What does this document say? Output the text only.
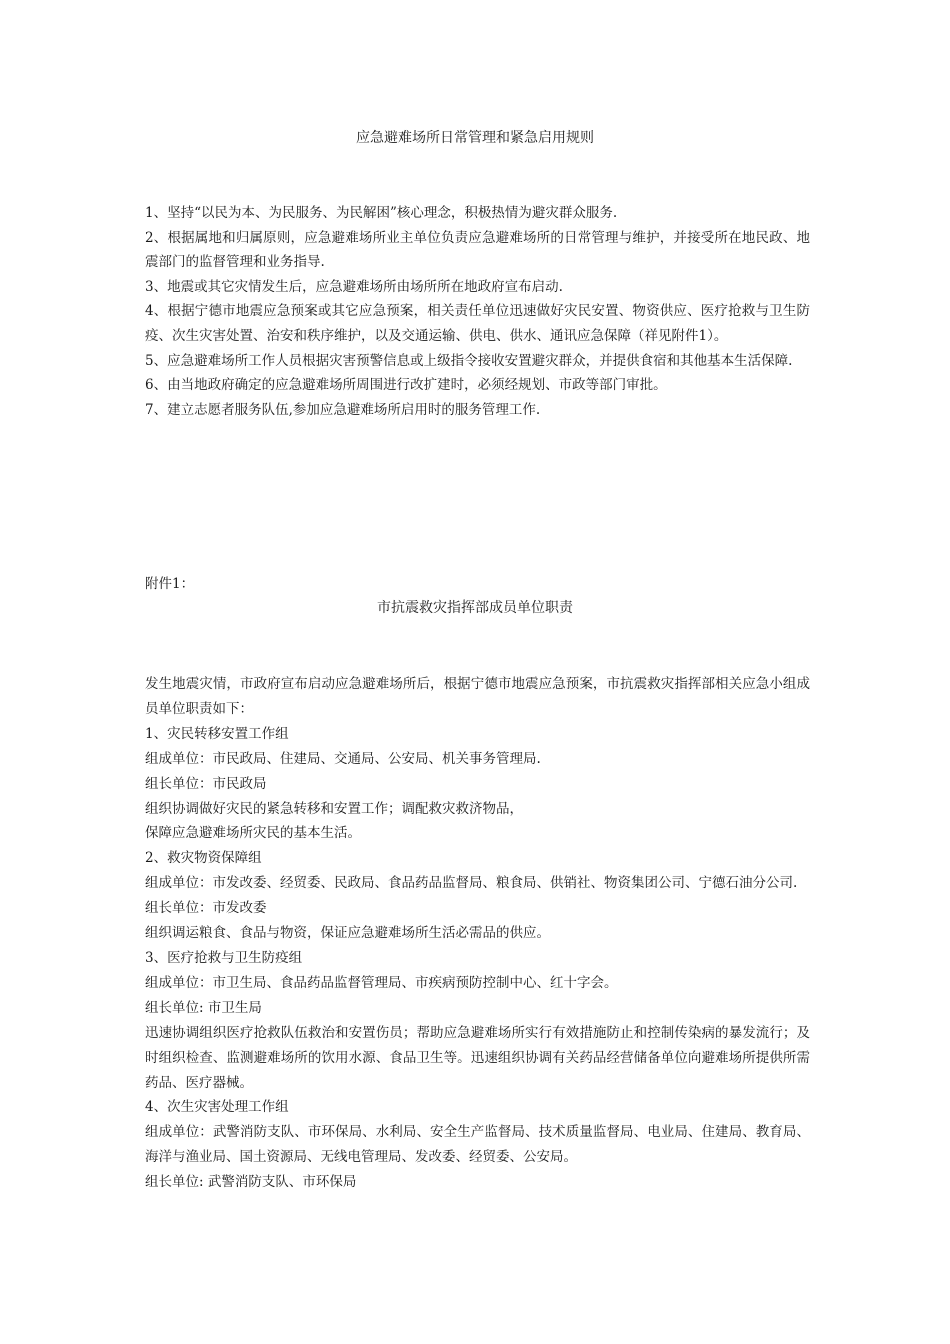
应急避难场所日常管理和紧急启用规则

1、坚持“以民为本、为民服务、为民解困”核心理念，积极热情为避灾群众服务.

2、根据属地和归属原则，应急避难场所业主单位负责应急避难场所的日常管理与维护，并接受所在地民政、地震部门的监督管理和业务指导.

3、地震或其它灾情发生后，应急避难场所由场所所在地政府宣布启动.

4、根据宁德市地震应急预案或其它应急预案，相关责任单位迅速做好灾民安置、物资供应、医疗抢救与卫生防疫、次生灾害处置、治安和秩序维护，以及交通运输、供电、供水、通讯应急保障（祥见附件1）。

5、应急避难场所工作人员根据灾害预警信息或上级指令接收安置避灾群众，并提供食宿和其他基本生活保障.

6、由当地政府确定的应急避难场所周围进行改扩建时，必须经规划、市政等部门审批。

7、建立志愿者服务队伍,参加应急避难场所启用时的服务管理工作.

附件1：
市抗震救灾指挥部成员单位职责

发生地震灾情，市政府宣布启动应急避难场所后，根据宁德市地震应急预案，市抗震救灾指挥部相关应急小组成员单位职责如下：

1、灾民转移安置工作组

组成单位：市民政局、住建局、交通局、公安局、机关事务管理局.

组长单位：市民政局

组织协调做好灾民的紧急转移和安置工作；调配救灾救济物品，

保障应急避难场所灾民的基本生活。

2、救灾物资保障组

组成单位：市发改委、经贸委、民政局、食品药品监督局、粮食局、供销社、物资集团公司、宁德石油分公司.

组长单位：市发改委

组织调运粮食、食品与物资，保证应急避难场所生活必需品的供应。

3、医疗抢救与卫生防疫组

组成单位：市卫生局、食品药品监督管理局、市疾病预防控制中心、红十字会。

组长单位: 市卫生局

迅速协调组织医疗抢救队伍救治和安置伤员；帮助应急避难场所实行有效措施防止和控制传染病的暴发流行；及时组织检查、监测避难场所的饮用水源、食品卫生等。迅速组织协调有关药品经营储备单位向避难场所提供所需药品、医疗器械。

4、次生灾害处理工作组

组成单位：武警消防支队、市环保局、水利局、安全生产监督局、技术质量监督局、电业局、住建局、教育局、海洋与渔业局、国土资源局、无线电管理局、发改委、经贸委、公安局。

组长单位: 武警消防支队、市环保局
